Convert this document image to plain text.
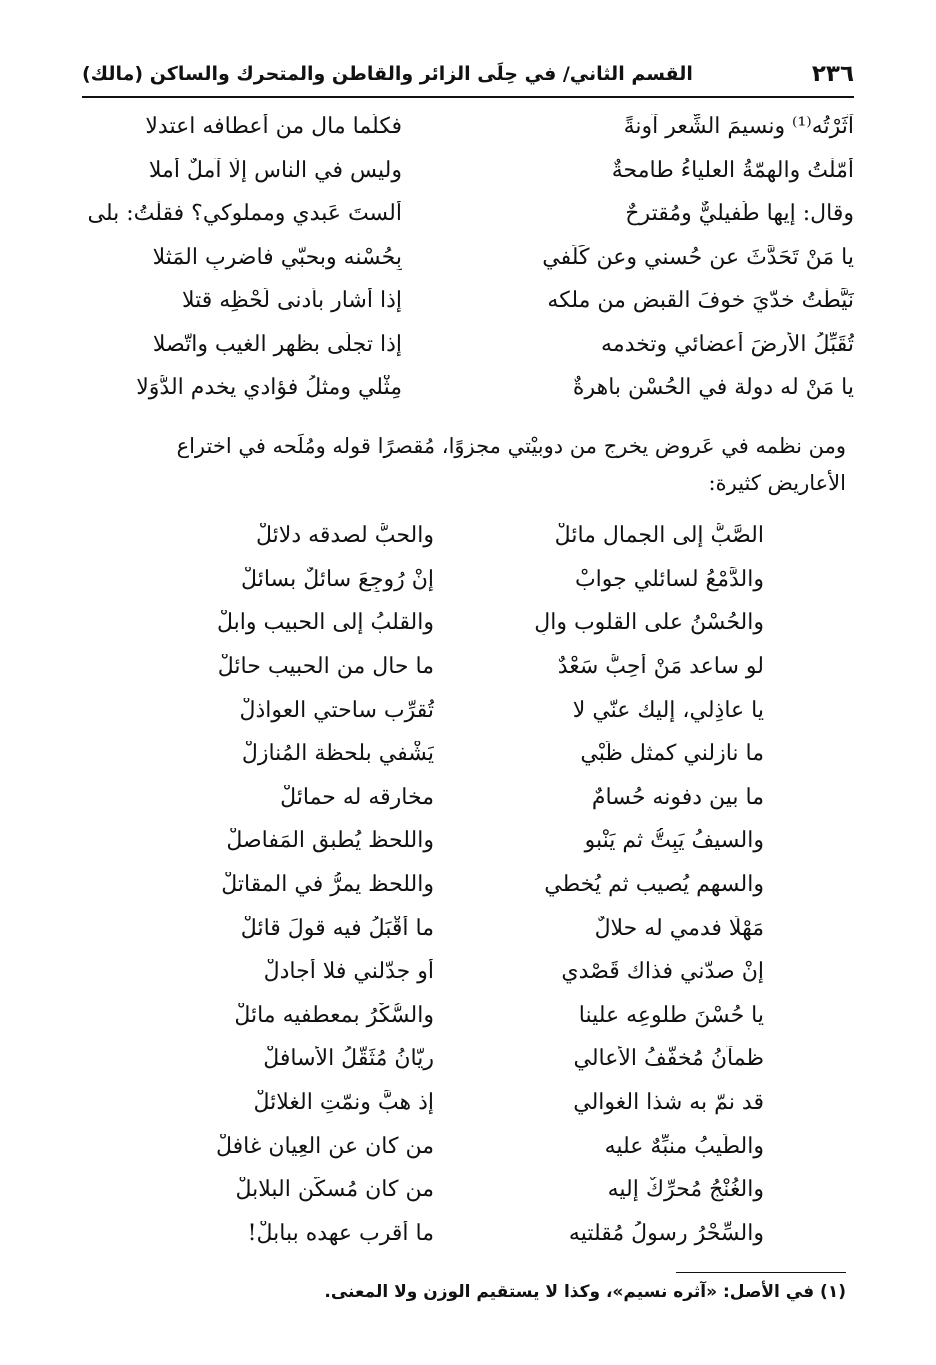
٢٣٦
القسم الثاني/ في حِلَى الزائر والقاطن والمتحرك والساكن (مالك)
آثَرْتُه⁽¹⁾ ونسيمَ الشِّعر آونةً
فكلّما مال من أعطافه اعتدلا
أمّلْتُ والهِمّةُ العلياءُ طامحةٌ
وليس في الناس إلّا آملٌ أملا
وقال: إيها طُفيليٌّ ومُقترِحٌ
ألستَ عَبدي ومملوكي؟ فقلْتُ: بلى
يا مَنْ تَحَدَّثَ عن حُسني وعن كَلَفي
بِحُسْنه وبحبّي فاضرِبِ المَثلا
نَيَّطْتُ خدّيَ خوفَ القبض من ملكه
إذا أشار بأدنى لَحْظِه قتلا
تُقَبِّلُ الأرضَ أعضائي وتخدمه
إذا تجلّى بظهر الغيب واتّصلا
يا مَنْ له دولة في الحُسْن باهرةٌ
مِثْلي ومثلُ فؤادي يخدم الدُّوَلا
ومن نظمه في عَروض يخرج من دوبيْتي مجزوًا، مُقصرًا قوله ومُلَحه في اختراع الأعاريض كثيرة:
الصَّبُّ إلى الجمال مائلْ
والحبُّ لصدقه دلائلْ
والدَّمْعُ لسائلي جوابْ
إنْ رُوجِعَ سائلٌ بسائلْ
والحُسْنُ على القلوب والٍ
والقلبُ إلى الحبيب وابلْ
لو ساعد مَنْ أُحِبُّ سَعْدٌ
ما حال من الحبيب حائلْ
يا عاذِلي، إليك عنّي لا
تُقرِّب ساحتي العواذلْ
ما نازلني كمثل ظَبْيٍ
يَشْفي بلحظة المُنازلْ
ما بين دفونه حُسامٌ
مخارقه له حمائلْ
والسيفُ يَبِتُّ ثم يَنْبو
واللحظ يُطبق المَفاصلْ
والسهم يُصيب ثم يُخطي
واللحظ يمرُّ في المقاتلْ
مَهْلًا فدمي له حلالٌ
ما أقْبَلُ فيه قولَ قائلْ
إنْ صدّني فذاك قَصْدي
أو جدّلني فلا أُجادلْ
يا حُسْنَ طلوعِه علينا
والسُّكْرُ بمعطفيه مائلْ
ظمآنُ مُخفّفُ الأعالي
ريّانُ مُثَقَّلُ الأسافلْ
قد نمّ به شذا الغوالي
إذ هبَّ ونمّتِ الغلائلْ
والطِّيبُ منبِّهٌ عليه
من كان عن العِيان غافلْ
والغُنْجُ مُحرِّكٌ إليه
من كان مُسكَّن البلابلْ
والسِّحْرُ رسولُ مُقلتيه
ما أقرب عهده ببابلْ!
(١) في الأصل: «آثره نسيم»، وكذا لا يستقيم الوزن ولا المعنى.
